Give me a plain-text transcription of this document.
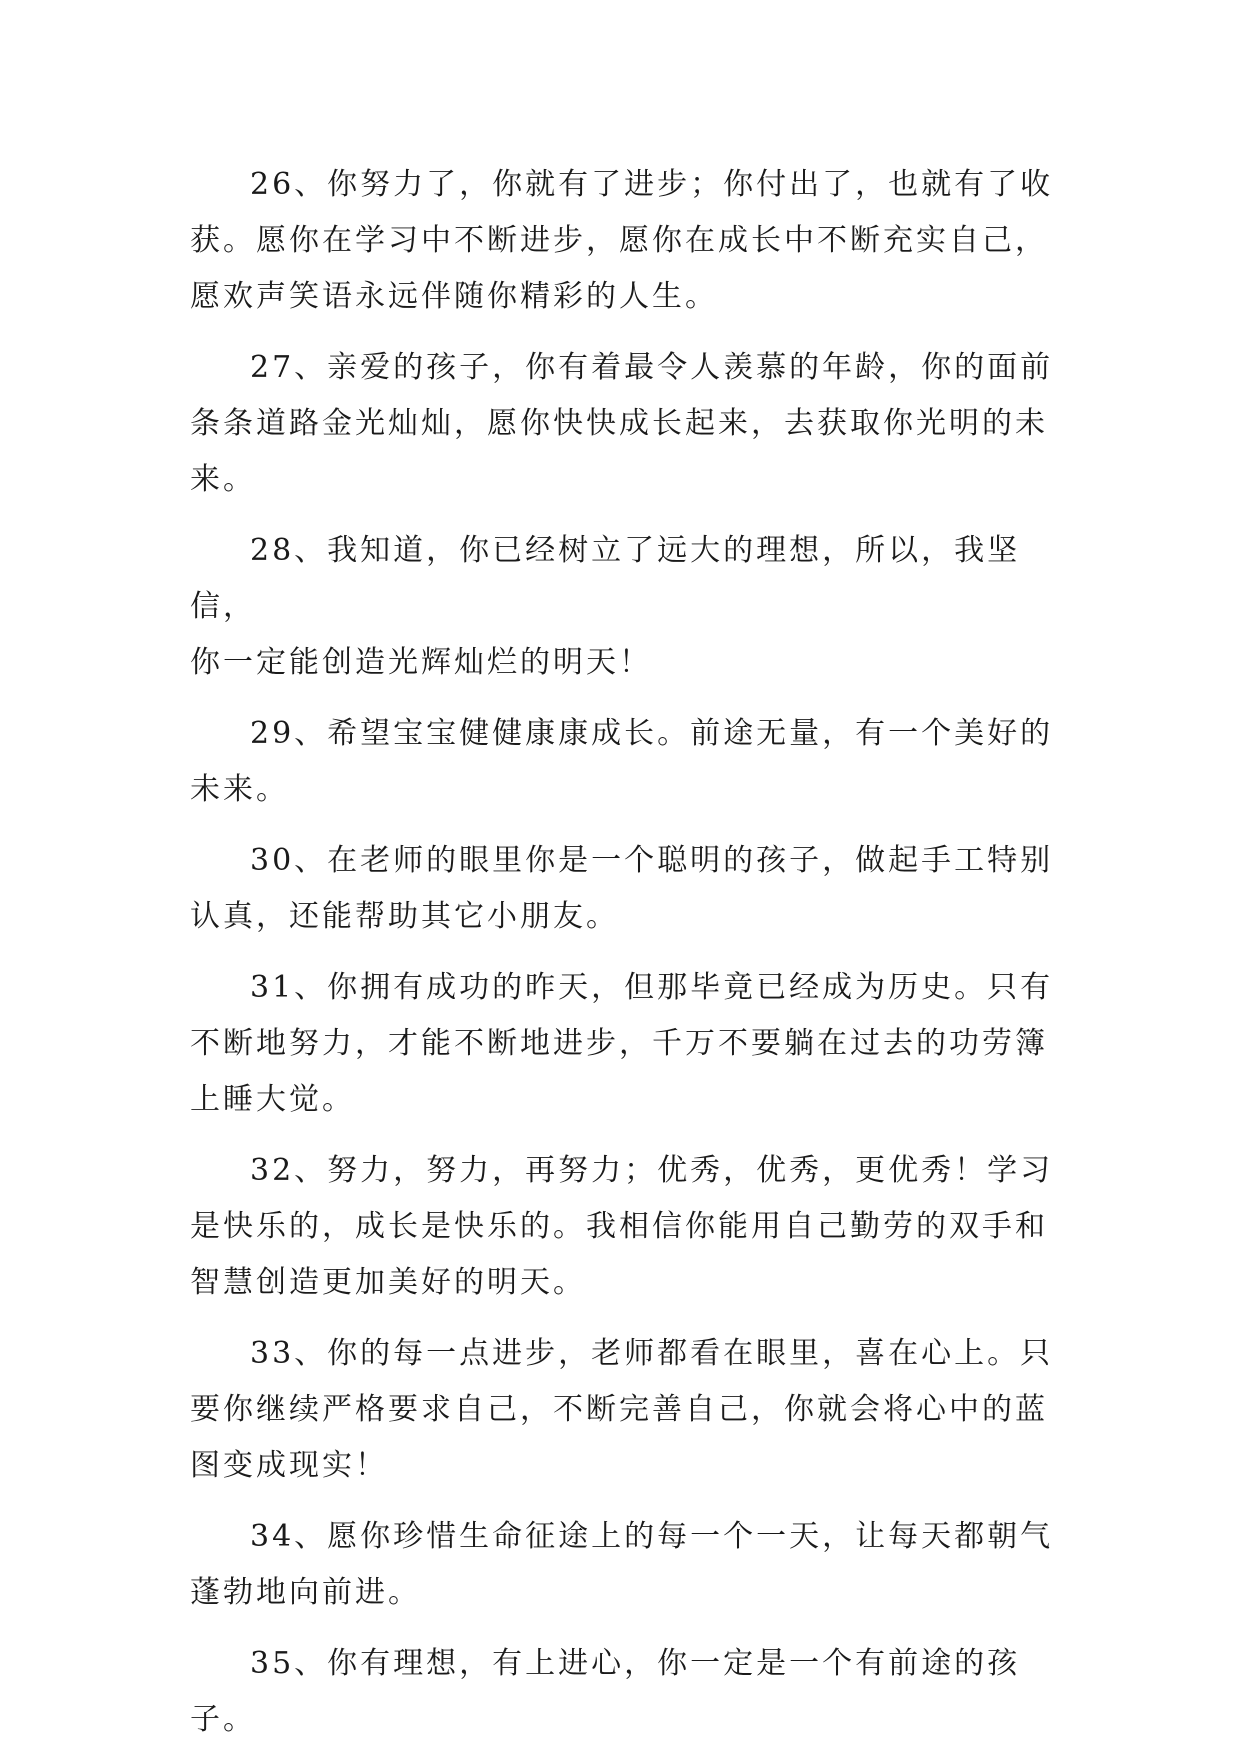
26、你努力了，你就有了进步；你付出了，也就有了收
获。愿你在学习中不断进步，愿你在成长中不断充实自己，
愿欢声笑语永远伴随你精彩的人生。

27、亲爱的孩子，你有着最令人羡慕的年龄，你的面前
条条道路金光灿灿，愿你快快成长起来，去获取你光明的未
来。

28、我知道，你已经树立了远大的理想，所以，我坚信，
你一定能创造光辉灿烂的明天！

29、希望宝宝健健康康成长。前途无量，有一个美好的
未来。

30、在老师的眼里你是一个聪明的孩子，做起手工特别
认真，还能帮助其它小朋友。

31、你拥有成功的昨天，但那毕竟已经成为历史。只有
不断地努力，才能不断地进步，千万不要躺在过去的功劳簿
上睡大觉。

32、努力，努力，再努力；优秀，优秀，更优秀！学习
是快乐的，成长是快乐的。我相信你能用自己勤劳的双手和
智慧创造更加美好的明天。

33、你的每一点进步，老师都看在眼里，喜在心上。只
要你继续严格要求自己，不断完善自己，你就会将心中的蓝
图变成现实！

34、愿你珍惜生命征途上的每一个一天，让每天都朝气
蓬勃地向前进。

35、你有理想，有上进心，你一定是一个有前途的孩子。
